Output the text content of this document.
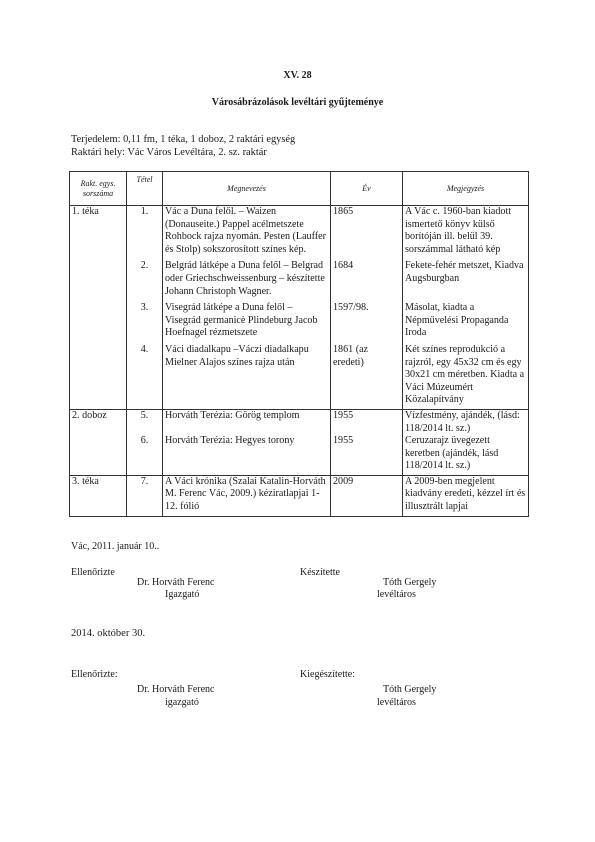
XV. 28
Városábrázolások levéltári gyűjteménye
Terjedelem: 0,11 fm, 1 téka, 1 doboz, 2 raktári egység
Raktári hely: Vác Város Levéltára, 2. sz. raktár
Rakt. egys.
sorszáma	Tétel	Megnevezés	Év	Megjegyzés
1. téka	1.	Vác a Duna felől. – Waizen (Donauseite.) Pappel acélmetszete Rohbock rajza nyomán. Pesten (Lauffer és Stolp) sokszorosított színes kép.	1865	A Vác c. 1960-ban kiadott ismertető könyv külső borítóján ill. belül 39. sorszámmal látható kép
	2.	Belgrád látképe a Duna felől – Belgrad oder Griechschweissenburg – készítette Johann Christoph Wagner.	1684	Fekete-fehér metszet, Kiadva Augsburgban
	3.	Visegrád látképe a Duna felől – Visegrád germanicè Plindeburg Jacob Hoefnagel rézmetszete	1597/98.	Másolat, kiadta a Népművelési Propaganda Iroda
	4.	Váci diadalkapu –Váczi diadalkapu Mielner Alajos színes rajza után	1861 (az eredeti)	Két színes reprodukció a rajzról, egy 45x32 cm és egy 30x21 cm méretben. Kiadta a Váci Múzeumért Közalapítvány
2. doboz	5.	Horváth Terézia: Görög templom	1955	Vízfestmény, ajándék, (lásd: 118/2014 lt. sz.)
	6.	Horváth Terézia: Hegyes torony	1955	Ceruzarajz üvegezett keretben (ajándék, lásd 118/2014 lt. sz.)
3. téka	7.	A Váci krónika (Szalai Katalin-Horváth M. Ferenc Vác, 2009.) kéziratlapjai 1-12. fólió	2009	A 2009-ben megjelent kiadvány eredeti, kézzel írt és illusztrált lapjai
Vác, 2011. január 10..
Ellenőrizte
Dr. Horváth Ferenc
Igazgató
Készítette
Tóth Gergely
levéltáros
2014. október 30.
Ellenőrizte:
Dr. Horváth Ferenc
igazgató
Kiegészítette:
Tóth Gergely
levéltáros
